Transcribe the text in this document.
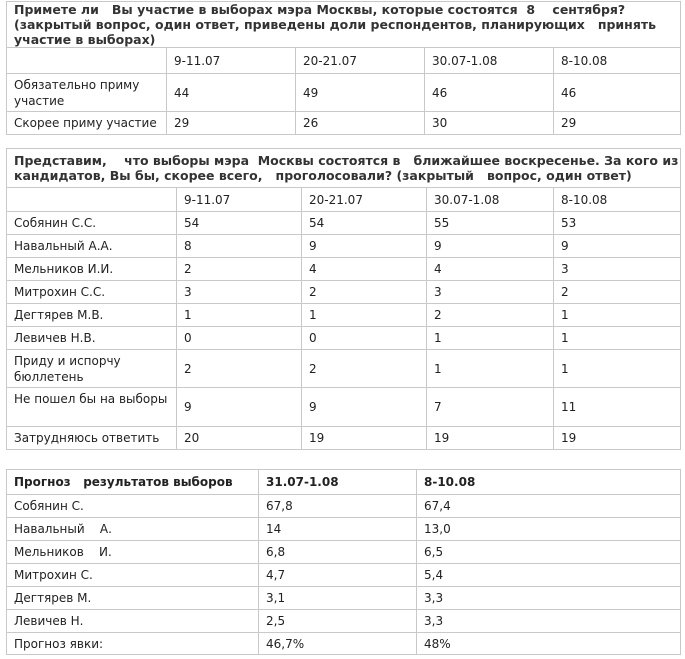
Примете ли   Вы участие в выборах мэра Москвы, которые состоятся  8    сентября?   (закрытый вопрос, один ответ, приведены доли респондентов, планирующих   принять участие в выборах)				
	9-11.07	20-21.07	30.07-1.08	8-10.08
Обязательно приму участие	44	49	46	46
Скорее приму участие	29	26	30	29
Представим,    что выборы мэра  Москвы состоятся в   ближайшее воскресенье. За кого из кандидатов, Вы бы, скорее всего,   проголосовали? (закрытый   вопрос, один ответ)				
	9-11.07	20-21.07	30.07-1.08	8-10.08
Собянин С.С.	54	54	55	53
Навальный А.А.	8	9	9	9
Мельников И.И.	2	4	4	3
Митрохин С.С.	3	2	3	2
Дегтярев М.В.	1	1	2	1
Левичев Н.В.	0	0	1	1
Приду и испорчу бюллетень	2	2	1	1
Не пошел бы на выборы	9	9	7	11
Затрудняюсь ответить	20	19	19	19
Прогноз   результатов выборов	31.07-1.08	8-10.08
Собянин С.	67,8	67,4
Навальный    А.	14	13,0
Мельников    И.	6,8	6,5
Митрохин С.	4,7	5,4
Дегтярев М.	3,1	3,3
Левичев Н.	2,5	3,3
Прогноз явки:	46,7%	48%
